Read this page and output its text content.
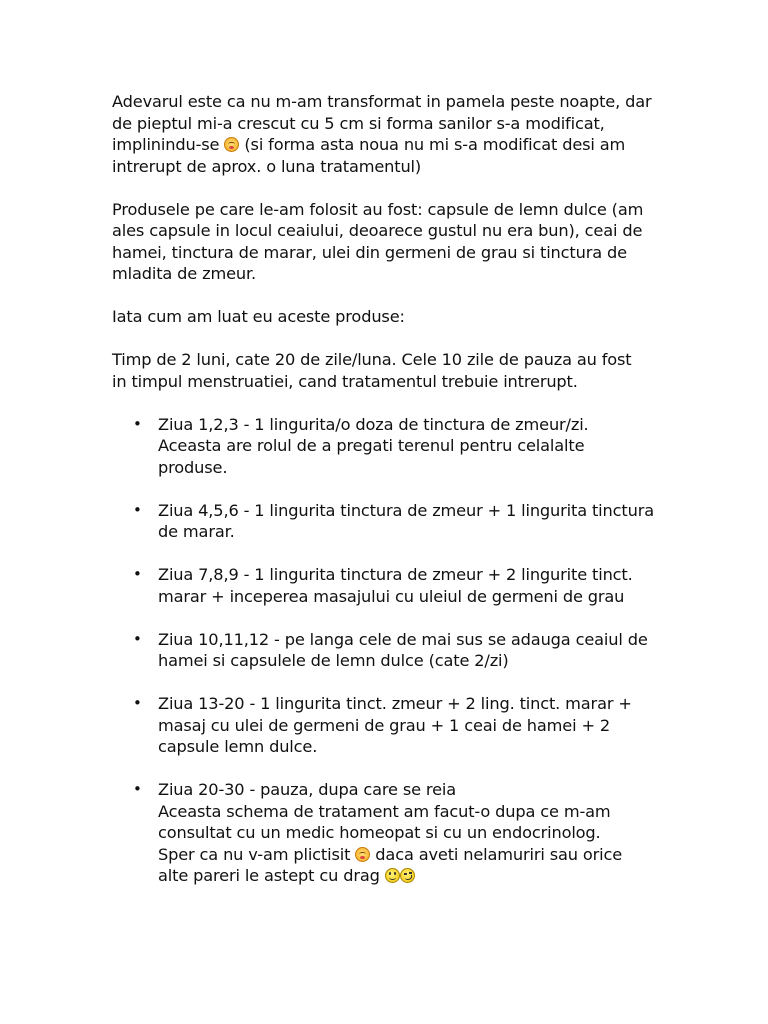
Adevarul este ca nu m-am transformat in pamela peste noapte, dar
de pieptul mi-a crescut cu 5 cm si forma sanilor s-a modificat,
implinindu-se  (si forma asta noua nu mi s-a modificat desi am
intrerupt de aprox. o luna tratamentul)

Produsele pe care le-am folosit au fost: capsule de lemn dulce (am
ales capsule in locul ceaiului, deoarece gustul nu era bun), ceai de
hamei, tinctura de marar, ulei din germeni de grau si tinctura de
mladita de zmeur.

Iata cum am luat eu aceste produse:

Timp de 2 luni, cate 20 de zile/luna. Cele 10 zile de pauza au fost
in timpul menstruatiei, cand tratamentul trebuie intrerupt.

• Ziua 1,2,3 - 1 lingurita/o doza de tinctura de zmeur/zi.
Aceasta are rolul de a pregati terenul pentru celalalte
produse.
• Ziua 4,5,6 - 1 lingurita tinctura de zmeur + 1 lingurita tinctura
de marar.
• Ziua 7,8,9 - 1 lingurita tinctura de zmeur + 2 lingurite tinct.
marar + inceperea masajului cu uleiul de germeni de grau
• Ziua 10,11,12 - pe langa cele de mai sus se adauga ceaiul de
hamei si capsulele de lemn dulce (cate 2/zi)
• Ziua 13-20 - 1 lingurita tinct. zmeur + 2 ling. tinct. marar +
masaj cu ulei de germeni de grau + 1 ceai de hamei + 2
capsule lemn dulce.
• Ziua 20-30 - pauza, dupa care se reia
Aceasta schema de tratament am facut-o dupa ce m-am
consultat cu un medic homeopat si cu un endocrinolog.
Sper ca nu v-am plictisit  daca aveti nelamuriri sau orice
alte pareri le astept cu drag
